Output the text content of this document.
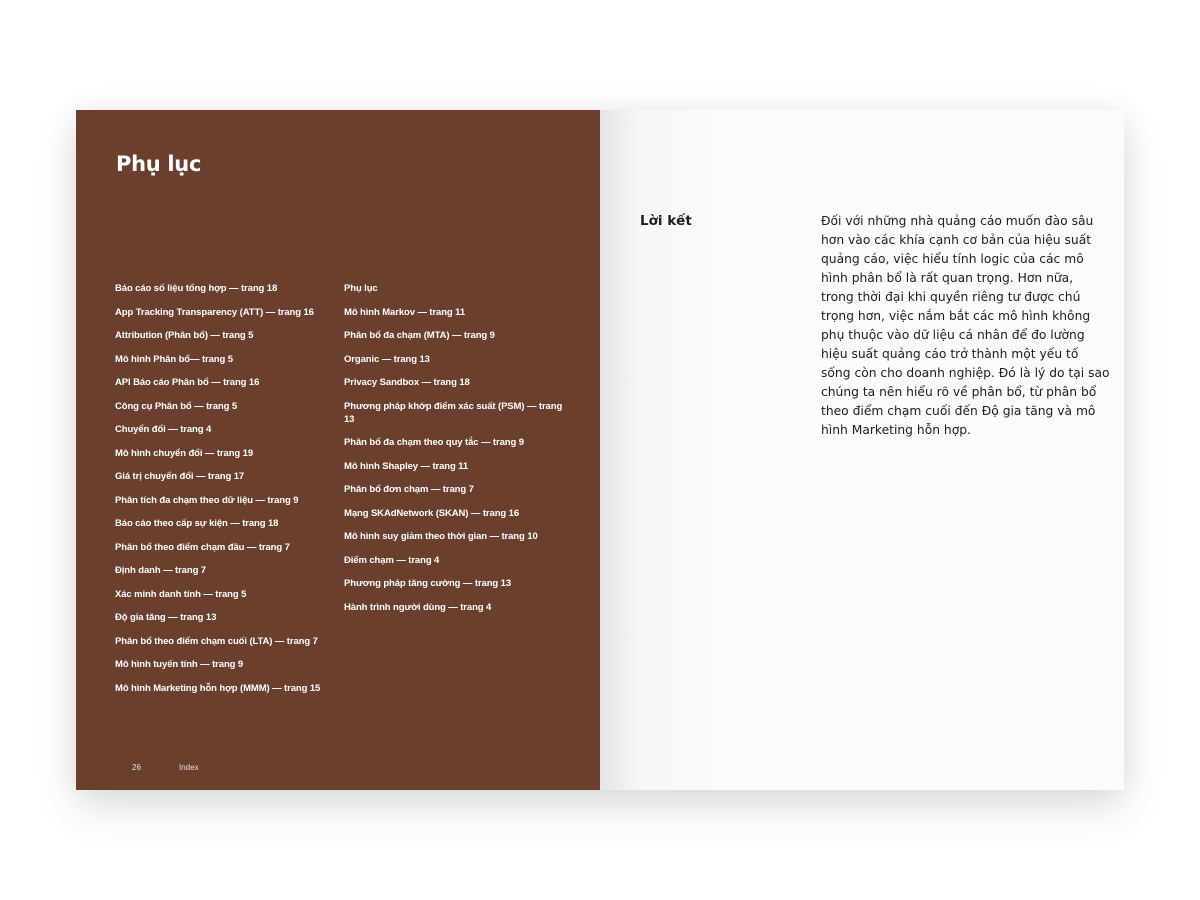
Phụ lục
Báo cáo số liệu tổng hợp — trang 18
App Tracking Transparency (ATT) — trang 16
Attribution (Phân bổ) — trang 5
Mô hình Phân bổ— trang 5
API Báo cáo Phân bổ — trang 16
Công cụ Phân bổ — trang 5
Chuyển đổi — trang 4
Mô hình chuyển đổi — trang 19
Giá trị chuyển đổi — trang 17
Phân tích đa chạm theo dữ liệu — trang 9
Báo cáo theo cấp sự kiện — trang 18
Phân bổ theo điểm chạm đầu — trang 7
Định danh — trang 7
Xác minh danh tính — trang 5
Độ gia tăng — trang 13
Phân bổ theo điểm chạm cuối (LTA) — trang 7
Mô hình tuyến tính — trang 9
Mô hình Marketing hỗn hợp (MMM) — trang 15
Phụ lục
Mô hình Markov — trang 11
Phân bổ đa chạm (MTA) — trang 9
Organic — trang 13
Privacy Sandbox — trang 18
Phương pháp khớp điểm xác suất (PSM) — trang 13
Phân bổ đa chạm theo quy tắc — trang 9
Mô hình Shapley — trang 11
Phân bổ đơn chạm — trang 7
Mạng SKAdNetwork (SKAN) — trang 16
Mô hình suy giảm theo thời gian — trang 10
Điểm chạm — trang 4
Phương pháp tăng cường — trang 13
Hành trình người dùng — trang 4
26	Index
Lời kết	Đối với những nhà quảng cáo muốn đào sâu
hơn vào các khía cạnh cơ bản của hiệu suất
quảng cáo, việc hiểu tính logic của các mô
hình phân bổ là rất quan trọng. Hơn nữa,
trong thời đại khi quyền riêng tư được chú
trọng hơn, việc nắm bắt các mô hình không
phụ thuộc vào dữ liệu cá nhân để đo lường
hiệu suất quảng cáo trở thành một yếu tố
sống còn cho doanh nghiệp. Đó là lý do tại sao
chúng ta nên hiểu rõ về phân bổ, từ phân bổ
theo điểm chạm cuối đến Độ gia tăng và mô
hình Marketing hỗn hợp.
